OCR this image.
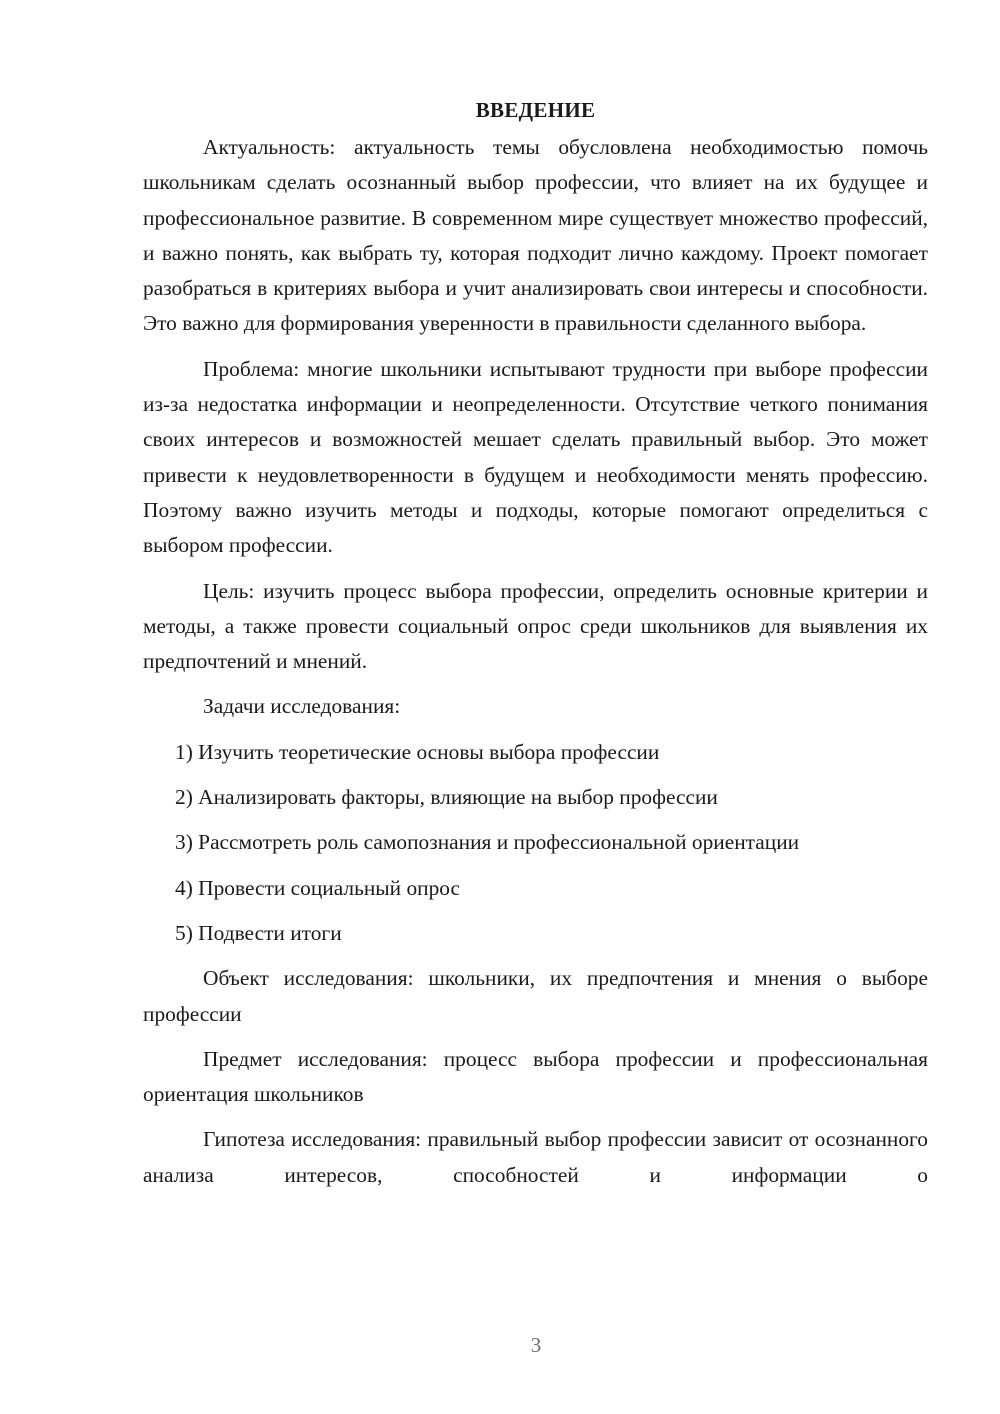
ВВЕДЕНИЕ

Актуальность: актуальность темы обусловлена необходимостью помочь школьникам сделать осознанный выбор профессии, что влияет на их будущее и профессиональное развитие. В современном мире существует множество профессий, и важно понять, как выбрать ту, которая подходит лично каждому. Проект помогает разобраться в критериях выбора и учит анализировать свои интересы и способности. Это важно для формирования уверенности в правильности сделанного выбора.

Проблема: многие школьники испытывают трудности при выборе профессии из-за недостатка информации и неопределенности. Отсутствие четкого понимания своих интересов и возможностей мешает сделать правильный выбор. Это может привести к неудовлетворенности в будущем и необходимости менять профессию. Поэтому важно изучить методы и подходы, которые помогают определиться с выбором профессии.

Цель: изучить процесс выбора профессии, определить основные критерии и методы, а также провести социальный опрос среди школьников для выявления их предпочтений и мнений.

Задачи исследования:

1) Изучить теоретические основы выбора профессии
2) Анализировать факторы, влияющие на выбор профессии
3) Рассмотреть роль самопознания и профессиональной ориентации
4) Провести социальный опрос
5) Подвести итоги

Объект исследования: школьники, их предпочтения и мнения о выборе профессии

Предмет исследования: процесс выбора профессии и профессиональная ориентация школьников

Гипотеза исследования: правильный выбор профессии зависит от осознанного анализа интересов, способностей и информации о

3
